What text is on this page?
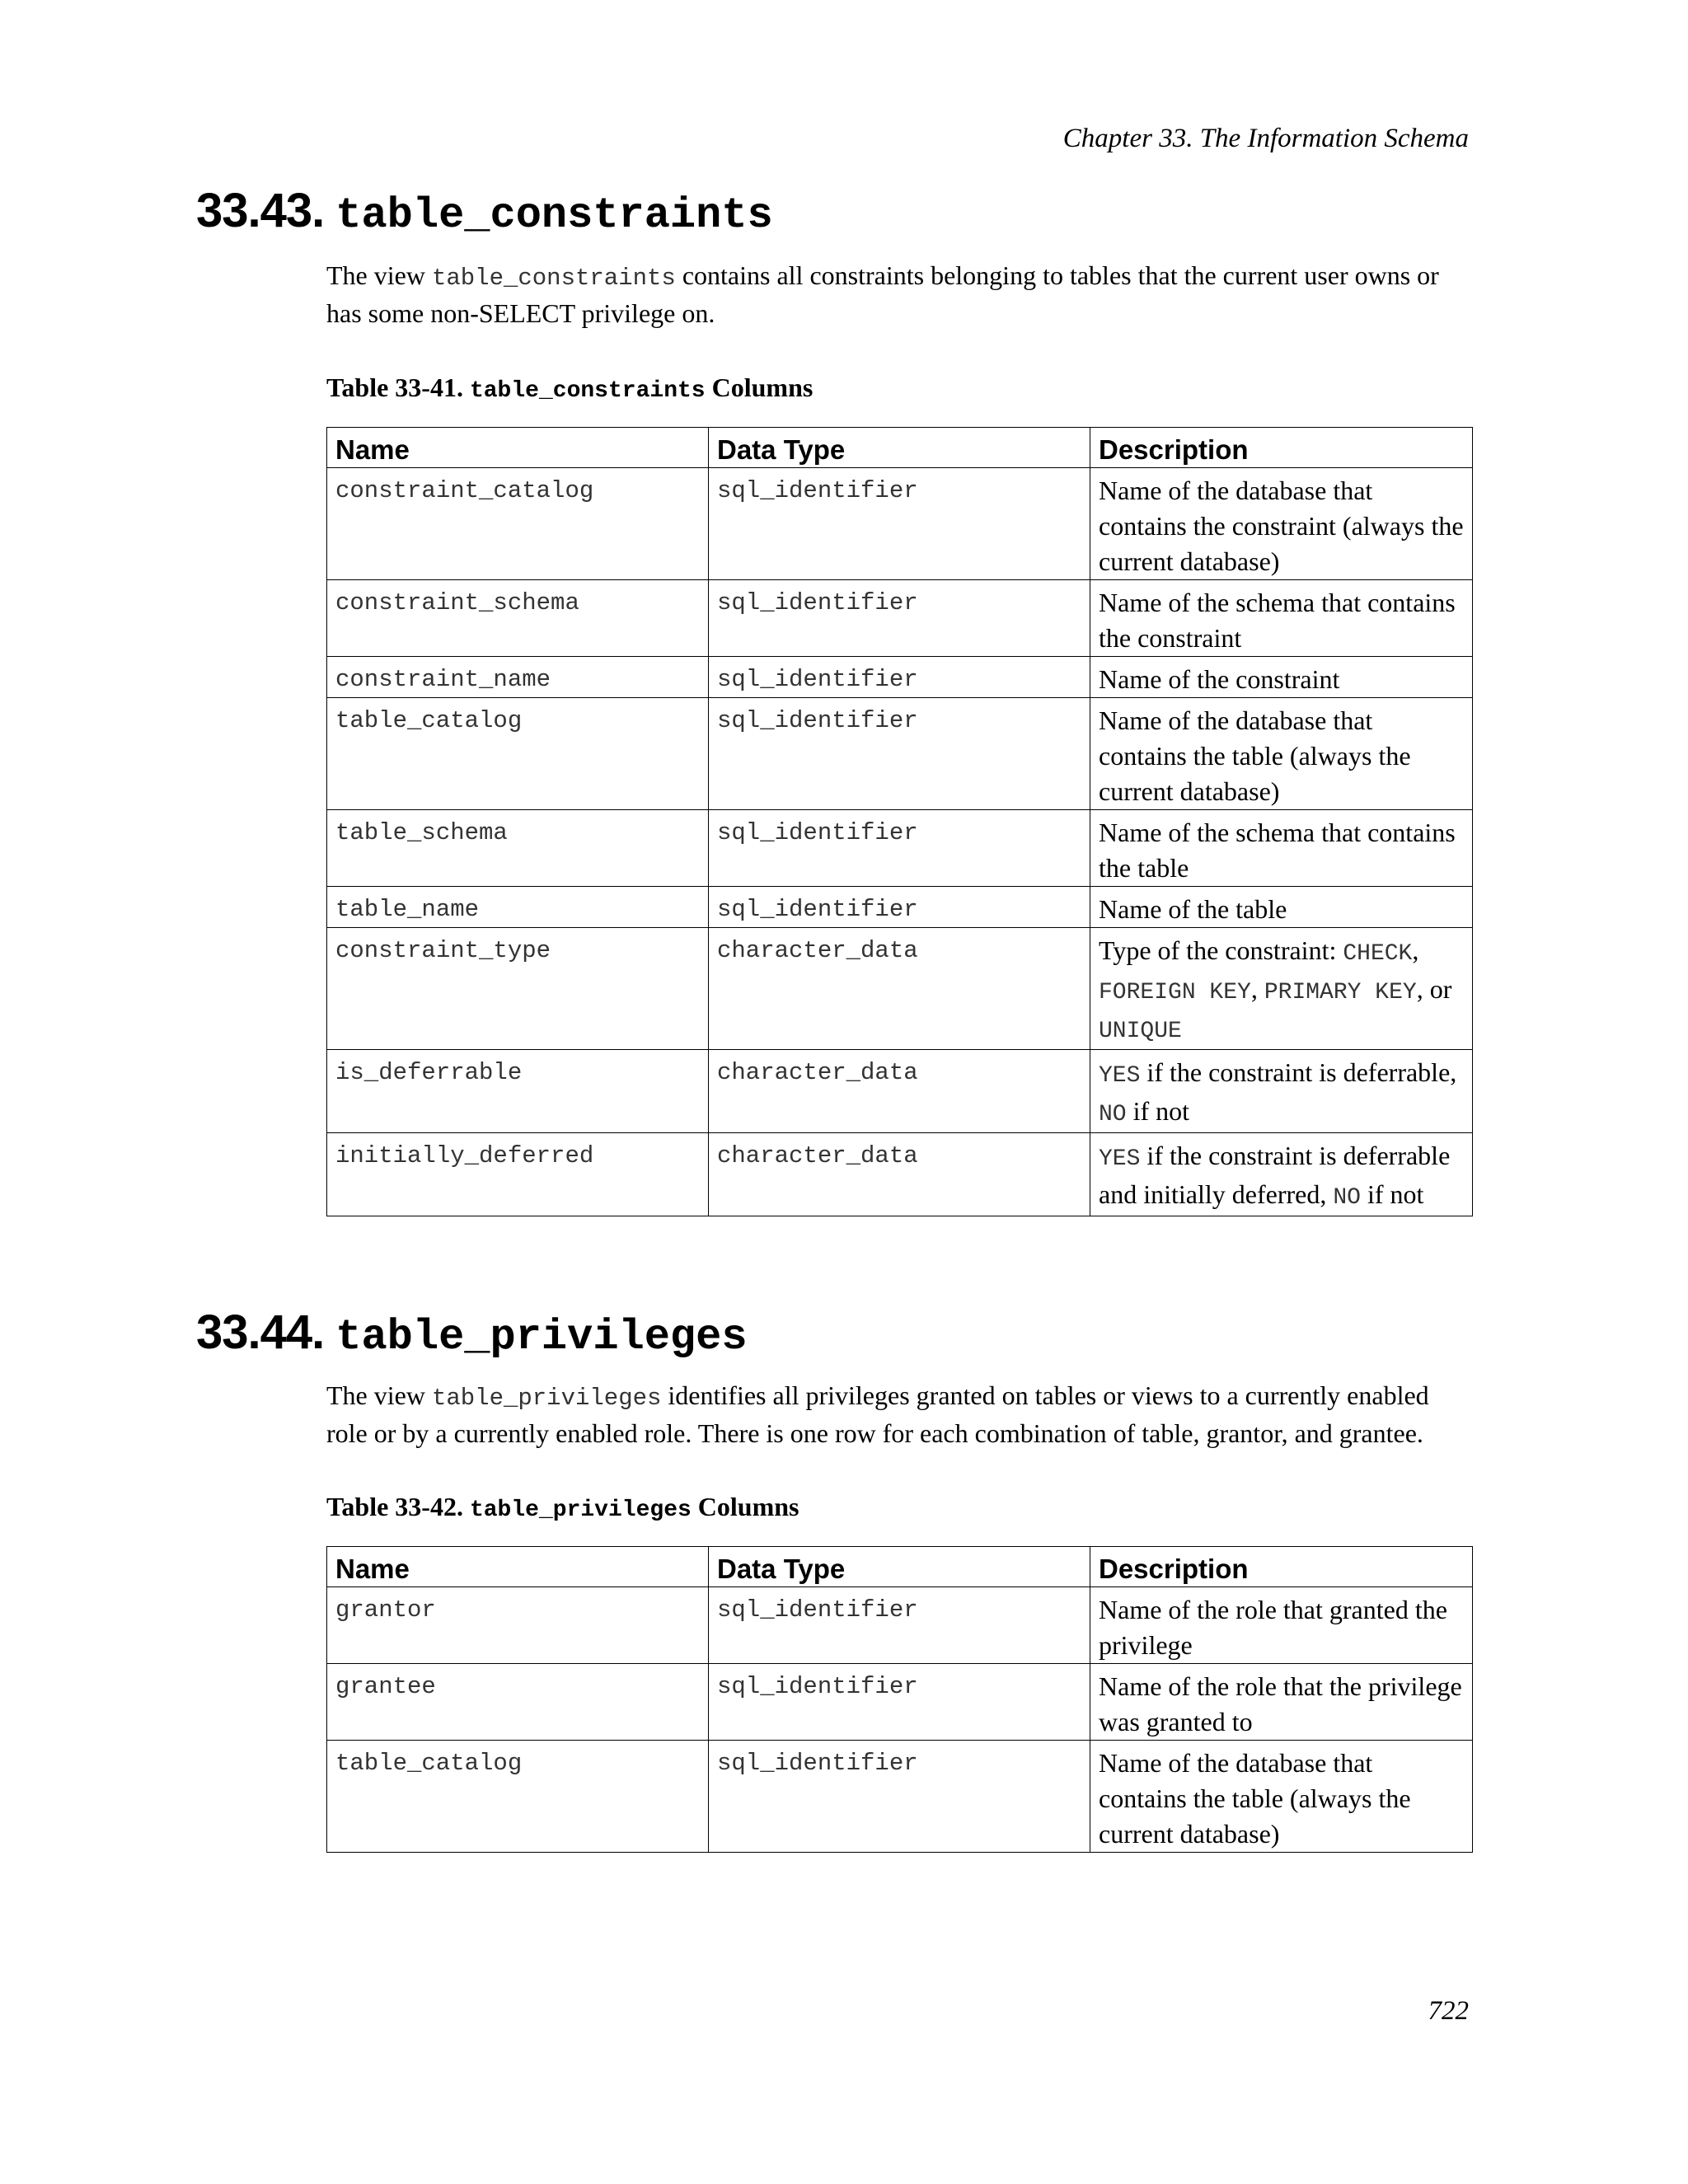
Chapter 33. The Information Schema
33.43. table_constraints

The view table_constraints contains all constraints belonging to tables that the current user owns or has some non-SELECT privilege on.

Table 33-41. table_constraints Columns

Name	Data Type	Description
constraint_catalog	sql_identifier	Name of the database that contains the constraint (always the current database)
constraint_schema	sql_identifier	Name of the schema that contains the constraint
constraint_name	sql_identifier	Name of the constraint
table_catalog	sql_identifier	Name of the database that contains the table (always the current database)
table_schema	sql_identifier	Name of the schema that contains the table
table_name	sql_identifier	Name of the table
constraint_type	character_data	Type of the constraint: CHECK, FOREIGN KEY, PRIMARY KEY, or UNIQUE
is_deferrable	character_data	YES if the constraint is deferrable, NO if not
initially_deferred	character_data	YES if the constraint is deferrable and initially deferred, NO if not
33.44. table_privileges

The view table_privileges identifies all privileges granted on tables or views to a currently enabled role or by a currently enabled role. There is one row for each combination of table, grantor, and grantee.

Table 33-42. table_privileges Columns

Name	Data Type	Description
grantor	sql_identifier	Name of the role that granted the privilege
grantee	sql_identifier	Name of the role that the privilege was granted to
table_catalog	sql_identifier	Name of the database that contains the table (always the current database)
722
